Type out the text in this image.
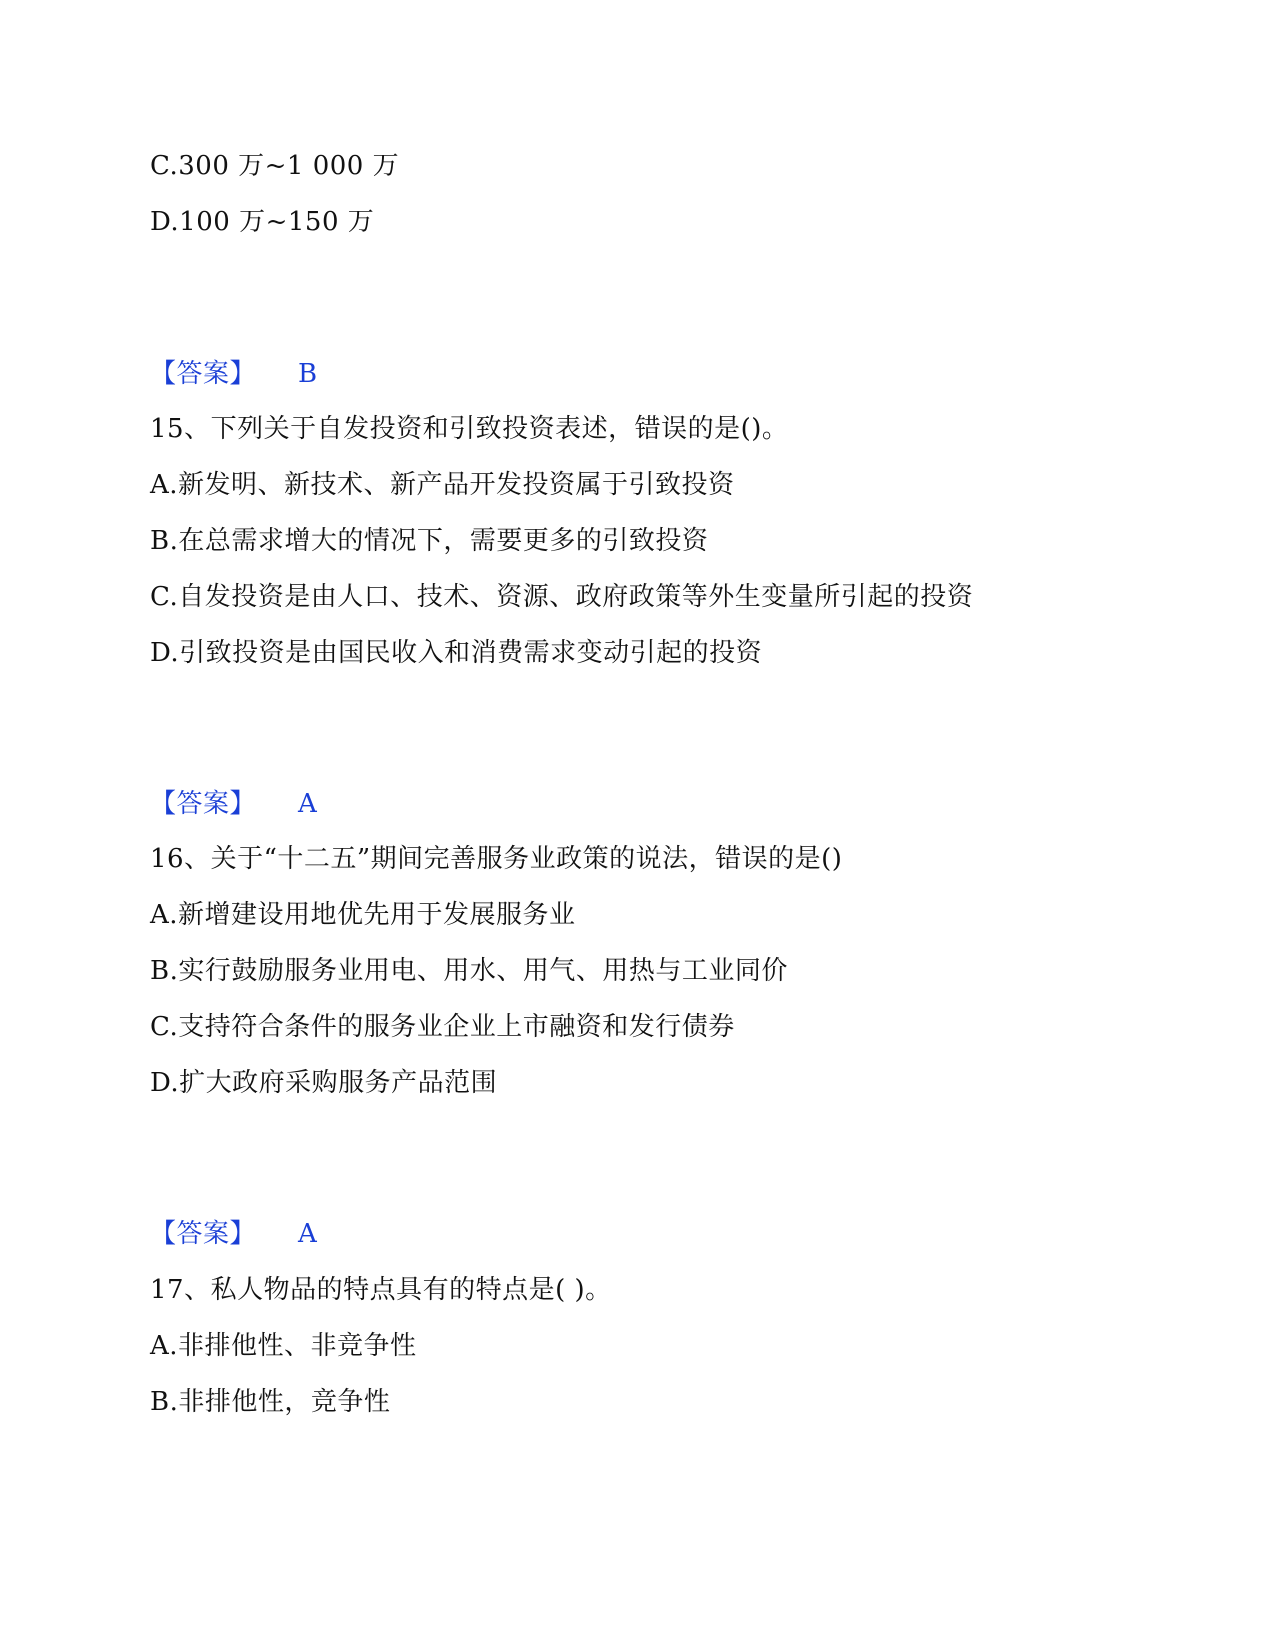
C.300 万~1 000 万
D.100 万~150 万
【答案】 B
15、下列关于自发投资和引致投资表述，错误的是()。
A.新发明、新技术、新产品开发投资属于引致投资
B.在总需求增大的情况下，需要更多的引致投资
C.自发投资是由人口、技术、资源、政府政策等外生变量所引起的投资
D.引致投资是由国民收入和消费需求变动引起的投资
【答案】 A
16、关于“十二五”期间完善服务业政策的说法，错误的是()
A.新增建设用地优先用于发展服务业
B.实行鼓励服务业用电、用水、用气、用热与工业同价
C.支持符合条件的服务业企业上市融资和发行债券
D.扩大政府采购服务产品范围
【答案】 A
17、私人物品的特点具有的特点是( )。
A.非排他性、非竞争性
B.非排他性，竞争性
